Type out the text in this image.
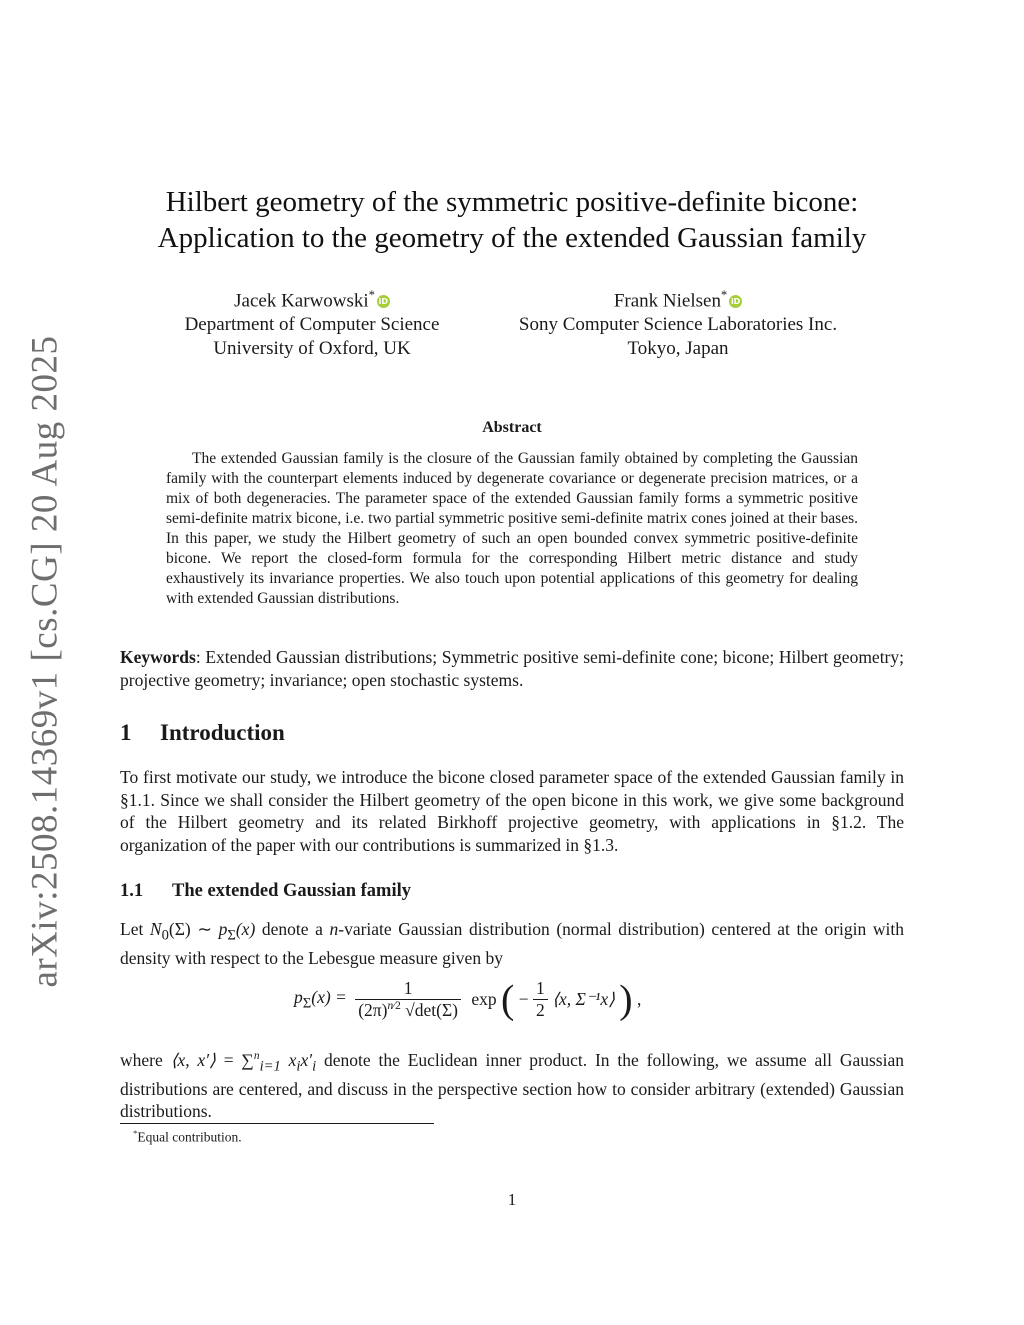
arXiv:2508.14369v1 [cs.CG] 20 Aug 2025
Hilbert geometry of the symmetric positive-definite bicone:
Application to the geometry of the extended Gaussian family
Jacek Karwowski* iD
Department of Computer Science
University of Oxford, UK
Frank Nielsen* iD
Sony Computer Science Laboratories Inc.
Tokyo, Japan
Abstract
The extended Gaussian family is the closure of the Gaussian family obtained by completing the Gaussian family with the counterpart elements induced by degenerate covariance or degenerate precision matrices, or a mix of both degeneracies. The parameter space of the extended Gaussian family forms a symmetric positive semi-definite matrix bicone, i.e. two partial symmetric positive semi-definite matrix cones joined at their bases. In this paper, we study the Hilbert geometry of such an open bounded convex symmetric positive-definite bicone. We report the closed-form formula for the corresponding Hilbert metric distance and study exhaustively its invariance properties. We also touch upon potential applications of this geometry for dealing with extended Gaussian distributions.
Keywords: Extended Gaussian distributions; Symmetric positive semi-definite cone; bicone; Hilbert geometry; projective geometry; invariance; open stochastic systems.
1 Introduction
To first motivate our study, we introduce the bicone closed parameter space of the extended Gaussian family in §1.1. Since we shall consider the Hilbert geometry of the open bicone in this work, we give some background of the Hilbert geometry and its related Birkhoff projective geometry, with applications in §1.2. The organization of the paper with our contributions is summarized in §1.3.
1.1 The extended Gaussian family
Let $N_0(\Sigma)$ ∼ $p_\Sigma(x)$ denote a n-variate Gaussian distribution (normal distribution) centered at the origin with density with respect to the Lebesgue measure given by
$p_\Sigma(x) = \frac{1}{(2\pi)^{n⁄2} √\det(\Sigma)}$ exp ( − $\frac{1}{2}$ ⟨x, Σ⁻¹x⟩ ) ,
where ⟨x, x′⟩ = ∑$^n_{i=1}$ $x_ix'_i$ denote the Euclidean inner product. In the following, we assume all Gaussian distributions are centered, and discuss in the perspective section how to consider arbitrary (extended) Gaussian distributions.
*Equal contribution.
1
